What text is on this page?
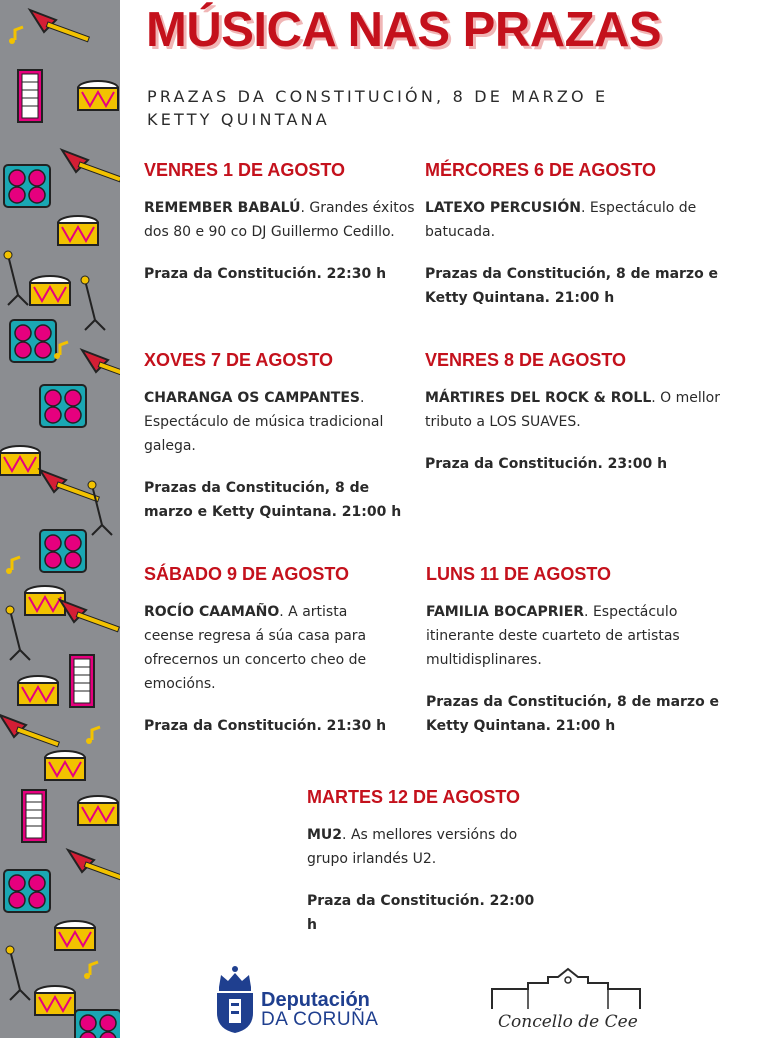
MÚSICA NAS PRAZAS

PRAZAS DA CONSTITUCIÓN, 8 DE MARZO E KETTY QUINTANA

VENRES 1 DE AGOSTO

REMEMBER BABALÚ. Grandes éxitos dos 80 e 90 co DJ Guillermo Cedillo.

Praza da Constitución. 22:30 h

MÉRCORES 6 DE AGOSTO

LATEXO PERCUSIÓN. Espectáculo de batucada.

Prazas da Constitución, 8 de marzo e Ketty Quintana. 21:00 h

XOVES 7 DE AGOSTO

CHARANGA OS CAMPANTES. Espectáculo de música tradicional galega.

Prazas da Constitución, 8 de marzo e Ketty Quintana. 21:00 h

VENRES 8 DE AGOSTO

MÁRTIRES DEL ROCK & ROLL. O mellor tributo a LOS SUAVES.

Praza da Constitución. 23:00 h

SÁBADO 9 DE AGOSTO

ROCÍO CAAMAÑO. A artista ceense regresa á súa casa para ofrecernos un concerto cheo de emocións.

Praza da Constitución. 21:30 h

LUNS 11 DE AGOSTO

FAMILIA BOCAPRIER. Espectáculo itinerante deste cuarteto de artistas multidisplinares.

Prazas da Constitución, 8 de marzo e Ketty Quintana. 21:00 h

MARTES 12 DE AGOSTO

MU2. As mellores versións do grupo irlandés U2.

Praza da Constitución. 22:00 h

Deputación
DA CORUÑA	Concello de Cee
